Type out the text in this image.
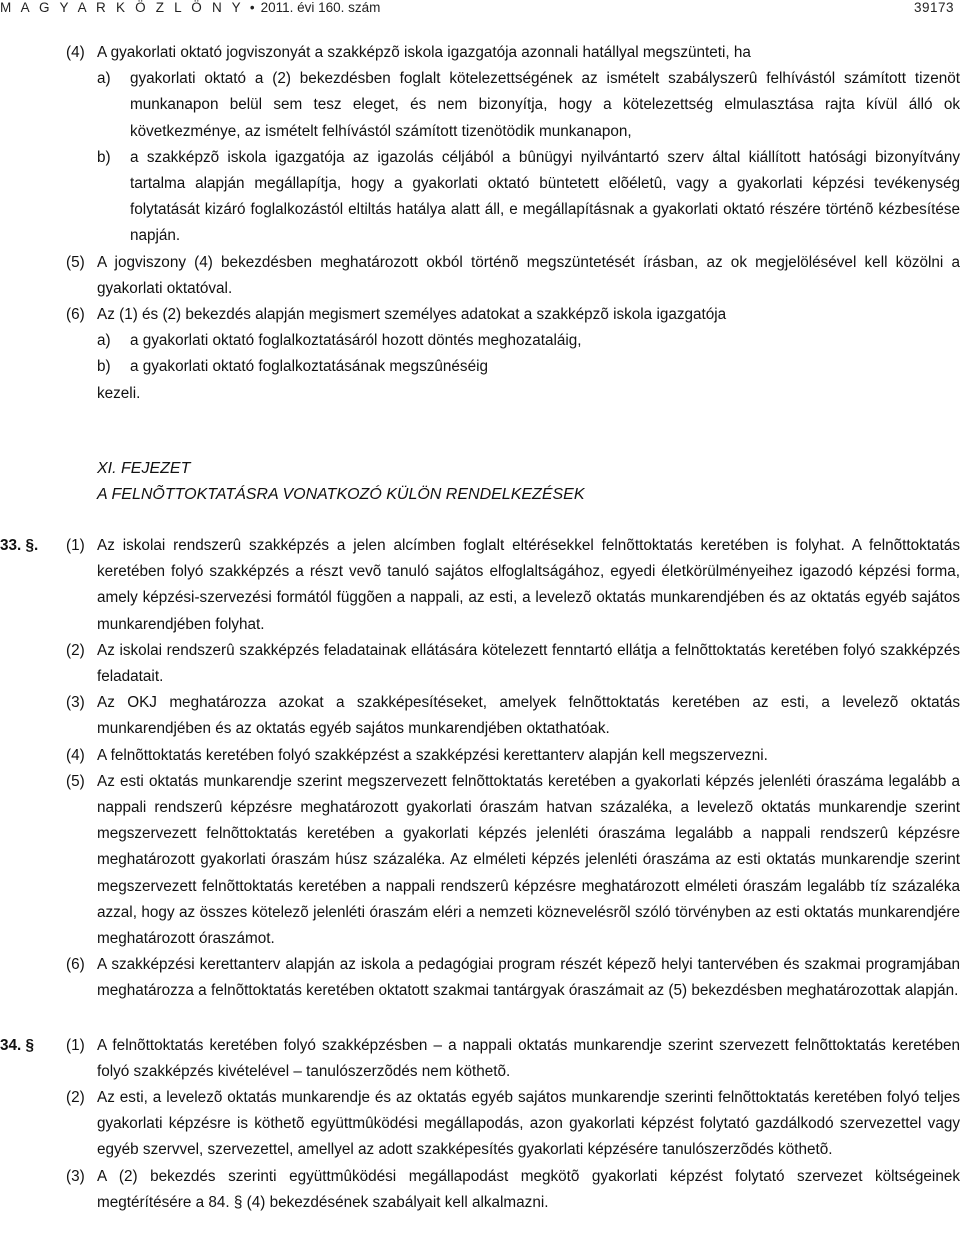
M A G Y A R K Ö Z L Ö N Y • 2011. évi 160. szám	39173
(4) A gyakorlati oktató jogviszonyát a szakképzõ iskola igazgatója azonnali hatállyal megszünteti, ha
a) gyakorlati oktató a (2) bekezdésben foglalt kötelezettségének az ismételt szabályszerû felhívástól számított tizenöt munkanapon belül sem tesz eleget, és nem bizonyítja, hogy a kötelezettség elmulasztása rajta kívül álló ok következménye, az ismételt felhívástól számított tizenötödik munkanapon,
b) a szakképzõ iskola igazgatója az igazolás céljából a bûnügyi nyilvántartó szerv által kiállított hatósági bizonyítvány tartalma alapján megállapítja, hogy a gyakorlati oktató büntetett elõéletû, vagy a gyakorlati képzési tevékenység folytatását kizáró foglalkozástól eltiltás hatálya alatt áll, e megállapításnak a gyakorlati oktató részére történõ kézbesítése napján.
(5) A jogviszony (4) bekezdésben meghatározott okból történõ megszüntetését írásban, az ok megjelölésével kell közölni a gyakorlati oktatóval.
(6) Az (1) és (2) bekezdés alapján megismert személyes adatokat a szakképzõ iskola igazgatója
a) a gyakorlati oktató foglalkoztatásáról hozott döntés meghozataláig,
b) a gyakorlati oktató foglalkoztatásának megszûnéséig
kezeli.
XI. FEJEZET
A FELNÕTTOKTATÁSRA VONATKOZÓ KÜLÖN RENDELKEZÉSEK
33. §. (1) Az iskolai rendszerû szakképzés a jelen alcímben foglalt eltérésekkel felnõttoktatás keretében is folyhat. A felnõttoktatás keretében folyó szakképzés a részt vevõ tanuló sajátos elfoglaltságához, egyedi életkörülményeihez igazodó képzési forma, amely képzési-szervezési formától függõen a nappali, az esti, a levelezõ oktatás munkarendjében és az oktatás egyéb sajátos munkarendjében folyhat.
(2) Az iskolai rendszerû szakképzés feladatainak ellátására kötelezett fenntartó ellátja a felnõttoktatás keretében folyó szakképzés feladatait.
(3) Az OKJ meghatározza azokat a szakképesítéseket, amelyek felnõttoktatás keretében az esti, a levelezõ oktatás munkarendjében és az oktatás egyéb sajátos munkarendjében oktathatóak.
(4) A felnõttoktatás keretében folyó szakképzést a szakképzési kerettanterv alapján kell megszervezni.
(5) Az esti oktatás munkarendje szerint megszervezett felnõttoktatás keretében a gyakorlati képzés jelenléti óraszáma legalább a nappali rendszerû képzésre meghatározott gyakorlati óraszám hatvan százaléka, a levelezõ oktatás munkarendje szerint megszervezett felnõttoktatás keretében a gyakorlati képzés jelenléti óraszáma legalább a nappali rendszerû képzésre meghatározott gyakorlati óraszám húsz százaléka. Az elméleti képzés jelenléti óraszáma az esti oktatás munkarendje szerint megszervezett felnõttoktatás keretében a nappali rendszerû képzésre meghatározott elméleti óraszám legalább tíz százaléka azzal, hogy az összes kötelezõ jelenléti óraszám eléri a nemzeti köznevelésrõl szóló törvényben az esti oktatás munkarendjére meghatározott óraszámot.
(6) A szakképzési kerettanterv alapján az iskola a pedagógiai program részét képezõ helyi tantervében és szakmai programjában meghatározza a felnõttoktatás keretében oktatott szakmai tantárgyak óraszámait az (5) bekezdésben meghatározottak alapján.
34. § (1) A felnõttoktatás keretében folyó szakképzésben – a nappali oktatás munkarendje szerint szervezett felnõttoktatás keretében folyó szakképzés kivételével – tanulószerzõdés nem köthetõ.
(2) Az esti, a levelezõ oktatás munkarendje és az oktatás egyéb sajátos munkarendje szerinti felnõttoktatás keretében folyó teljes gyakorlati képzésre is köthetõ együttmûködési megállapodás, azon gyakorlati képzést folytató gazdálkodó szervezettel vagy egyéb szervvel, szervezettel, amellyel az adott szakképesítés gyakorlati képzésére tanulószerzõdés köthetõ.
(3) A (2) bekezdés szerinti együttmûködési megállapodást megkötõ gyakorlati képzést folytató szervezet költségeinek megtérítésére a 84. § (4) bekezdésének szabályait kell alkalmazni.
